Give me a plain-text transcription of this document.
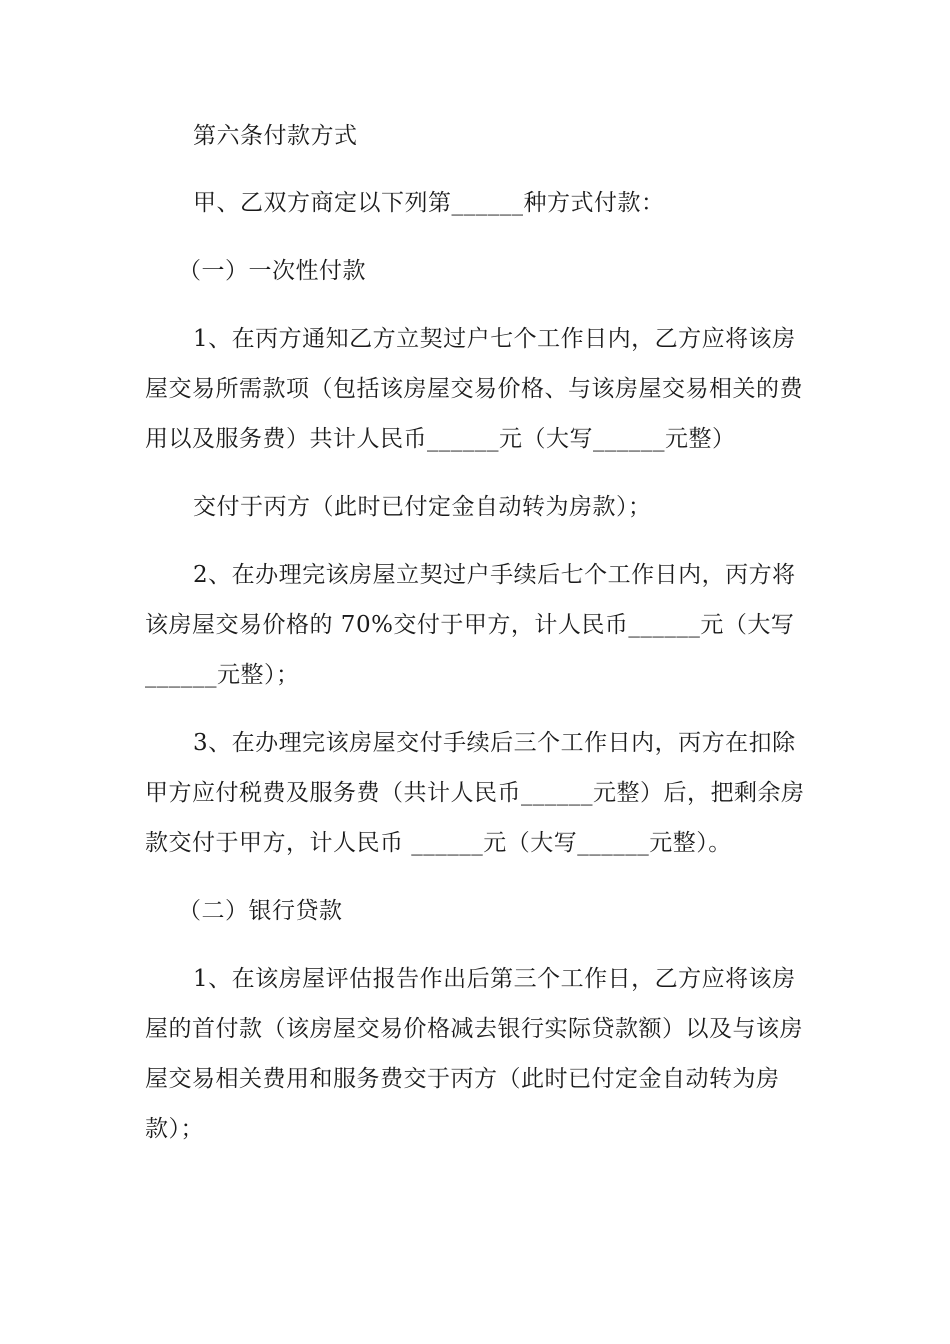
第六条付款方式
甲、乙双方商定以下列第______种方式付款：
（一）一次性付款
1、在丙方通知乙方立契过户七个工作日内，乙方应将该房
屋交易所需款项（包括该房屋交易价格、与该房屋交易相关的费
用以及服务费）共计人民币______元（大写______元整）
交付于丙方（此时已付定金自动转为房款）；
2、在办理完该房屋立契过户手续后七个工作日内，丙方将
该房屋交易价格的 70%交付于甲方，计人民币______元（大写
______元整）；
3、在办理完该房屋交付手续后三个工作日内，丙方在扣除
甲方应付税费及服务费（共计人民币______元整）后，把剩余房
款交付于甲方，计人民币 ______元（大写______元整）。
（二）银行贷款
1、在该房屋评估报告作出后第三个工作日，乙方应将该房
屋的首付款（该房屋交易价格减去银行实际贷款额）以及与该房
屋交易相关费用和服务费交于丙方（此时已付定金自动转为房
款）；
